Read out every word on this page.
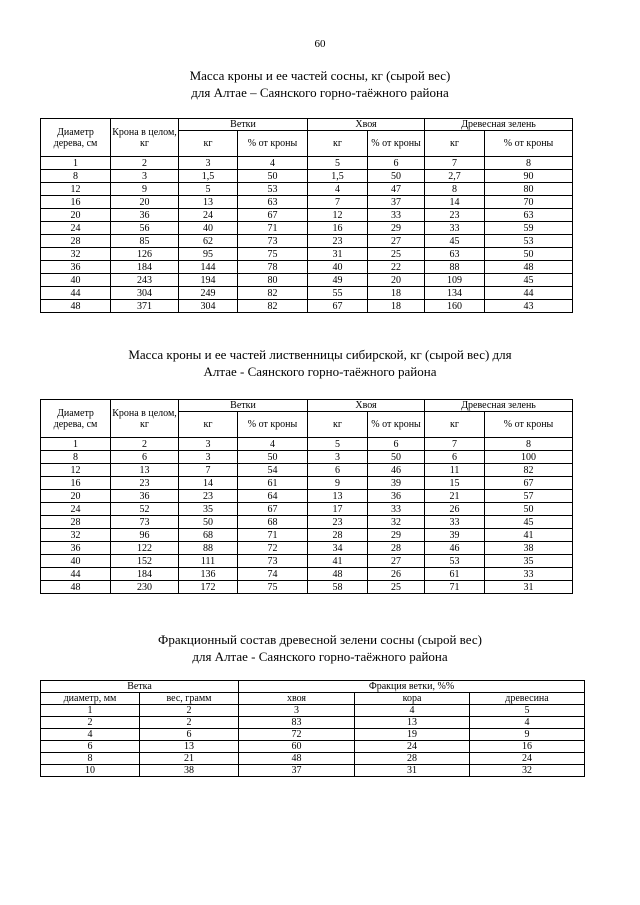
60
Масса кроны и ее частей сосны, кг (сырой вес)
для Алтае – Саянского горно-таёжного района
Диаметр дерева, см	Крона в целом, кг	Ветки		Хвоя		Древесная зелень	
		кг	% от кроны	кг	% от кроны	кг	% от кроны
1	2	3	4	5	6	7	8
8	3	1,5	50	1,5	50	2,7	90
12	9	5	53	4	47	8	80
16	20	13	63	7	37	14	70
20	36	24	67	12	33	23	63
24	56	40	71	16	29	33	59
28	85	62	73	23	27	45	53
32	126	95	75	31	25	63	50
36	184	144	78	40	22	88	48
40	243	194	80	49	20	109	45
44	304	249	82	55	18	134	44
48	371	304	82	67	18	160	43
Масса кроны и ее частей лиственницы сибирской, кг (сырой вес) для
Алтае - Саянского горно-таёжного района
Диаметр дерева, см	Крона в целом, кг	Ветки		Хвоя		Древесная зелень	
		кг	% от кроны	кг	% от кроны	кг	% от кроны
1	2	3	4	5	6	7	8
8	6	3	50	3	50	6	100
12	13	7	54	6	46	11	82
16	23	14	61	9	39	15	67
20	36	23	64	13	36	21	57
24	52	35	67	17	33	26	50
28	73	50	68	23	32	33	45
32	96	68	71	28	29	39	41
36	122	88	72	34	28	46	38
40	152	111	73	41	27	53	35
44	184	136	74	48	26	61	33
48	230	172	75	58	25	71	31
Фракционный состав древесной зелени сосны (сырой вес)
для Алтае - Саянского горно-таёжного района
Ветка		Фракция ветки, %%		
диаметр, мм	вес, грамм	хвоя	кора	древесина
1	2	3	4	5
2	2	83	13	4
4	6	72	19	9
6	13	60	24	16
8	21	48	28	24
10	38	37	31	32
